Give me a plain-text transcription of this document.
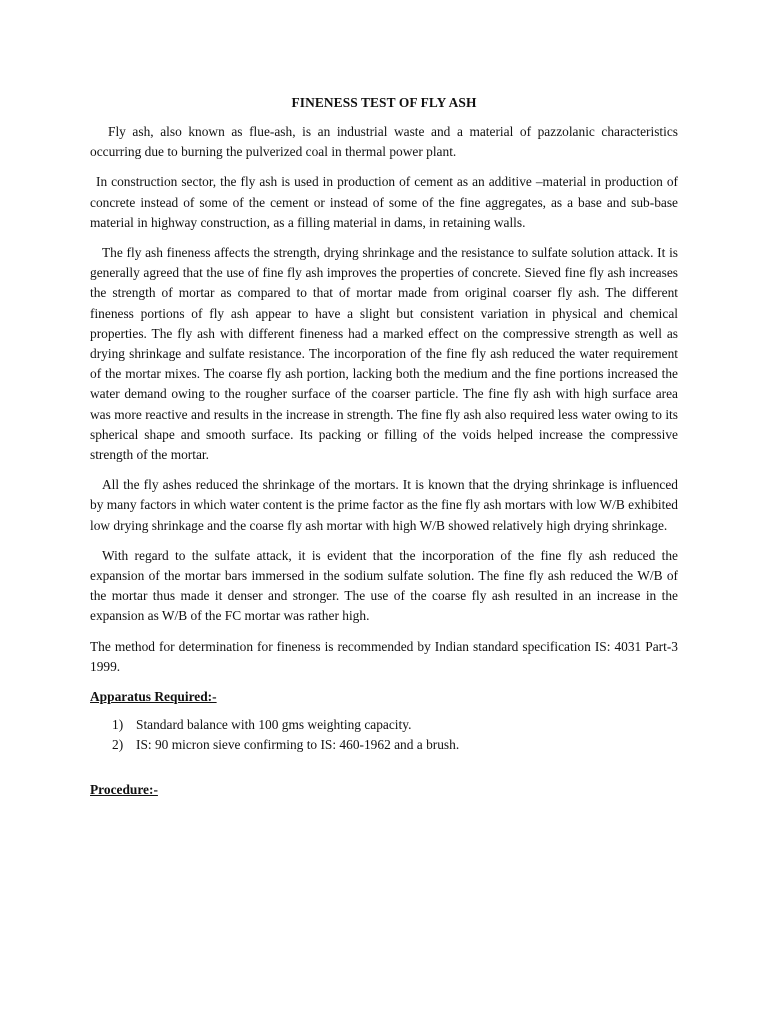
FINENESS TEST OF FLY ASH

Fly ash, also known as flue-ash, is an industrial waste and a material of pazzolanic characteristics occurring due to burning the pulverized coal in thermal power plant.

In construction sector, the fly ash is used in production of cement as an additive –material in production of concrete instead of some of the cement or instead of some of the fine aggregates, as a base and sub-base material in highway construction, as a filling material in dams, in retaining walls.

The fly ash fineness affects the strength, drying shrinkage and the resistance to sulfate solution attack. It is generally agreed that the use of fine fly ash improves the properties of concrete. Sieved fine fly ash increases the strength of mortar as compared to that of mortar made from original coarser fly ash. The different fineness portions of fly ash appear to have a slight but consistent variation in physical and chemical properties. The fly ash with different fineness had a marked effect on the compressive strength as well as drying shrinkage and sulfate resistance. The incorporation of the fine fly ash reduced the water requirement of the mortar mixes. The coarse fly ash portion, lacking both the medium and the fine portions increased the water demand owing to the rougher surface of the coarser particle. The fine fly ash with high surface area was more reactive and results in the increase in strength. The fine fly ash also required less water owing to its spherical shape and smooth surface. Its packing or filling of the voids helped increase the compressive strength of the mortar.

All the fly ashes reduced the shrinkage of the mortars. It is known that the drying shrinkage is influenced by many factors in which water content is the prime factor as the fine fly ash mortars with low W/B exhibited low drying shrinkage and the coarse fly ash mortar with high W/B showed relatively high drying shrinkage.

With regard to the sulfate attack, it is evident that the incorporation of the fine fly ash reduced the expansion of the mortar bars immersed in the sodium sulfate solution. The fine fly ash reduced the W/B of the mortar thus made it denser and stronger. The use of the coarse fly ash resulted in an increase in the expansion as W/B of the FC mortar was rather high.

The method for determination for fineness is recommended by Indian standard specification IS: 4031 Part-3 1999.

Apparatus Required:-
1) Standard balance with 100 gms weighting capacity.
2) IS: 90 micron sieve confirming to IS: 460-1962 and a brush.
Procedure:-
